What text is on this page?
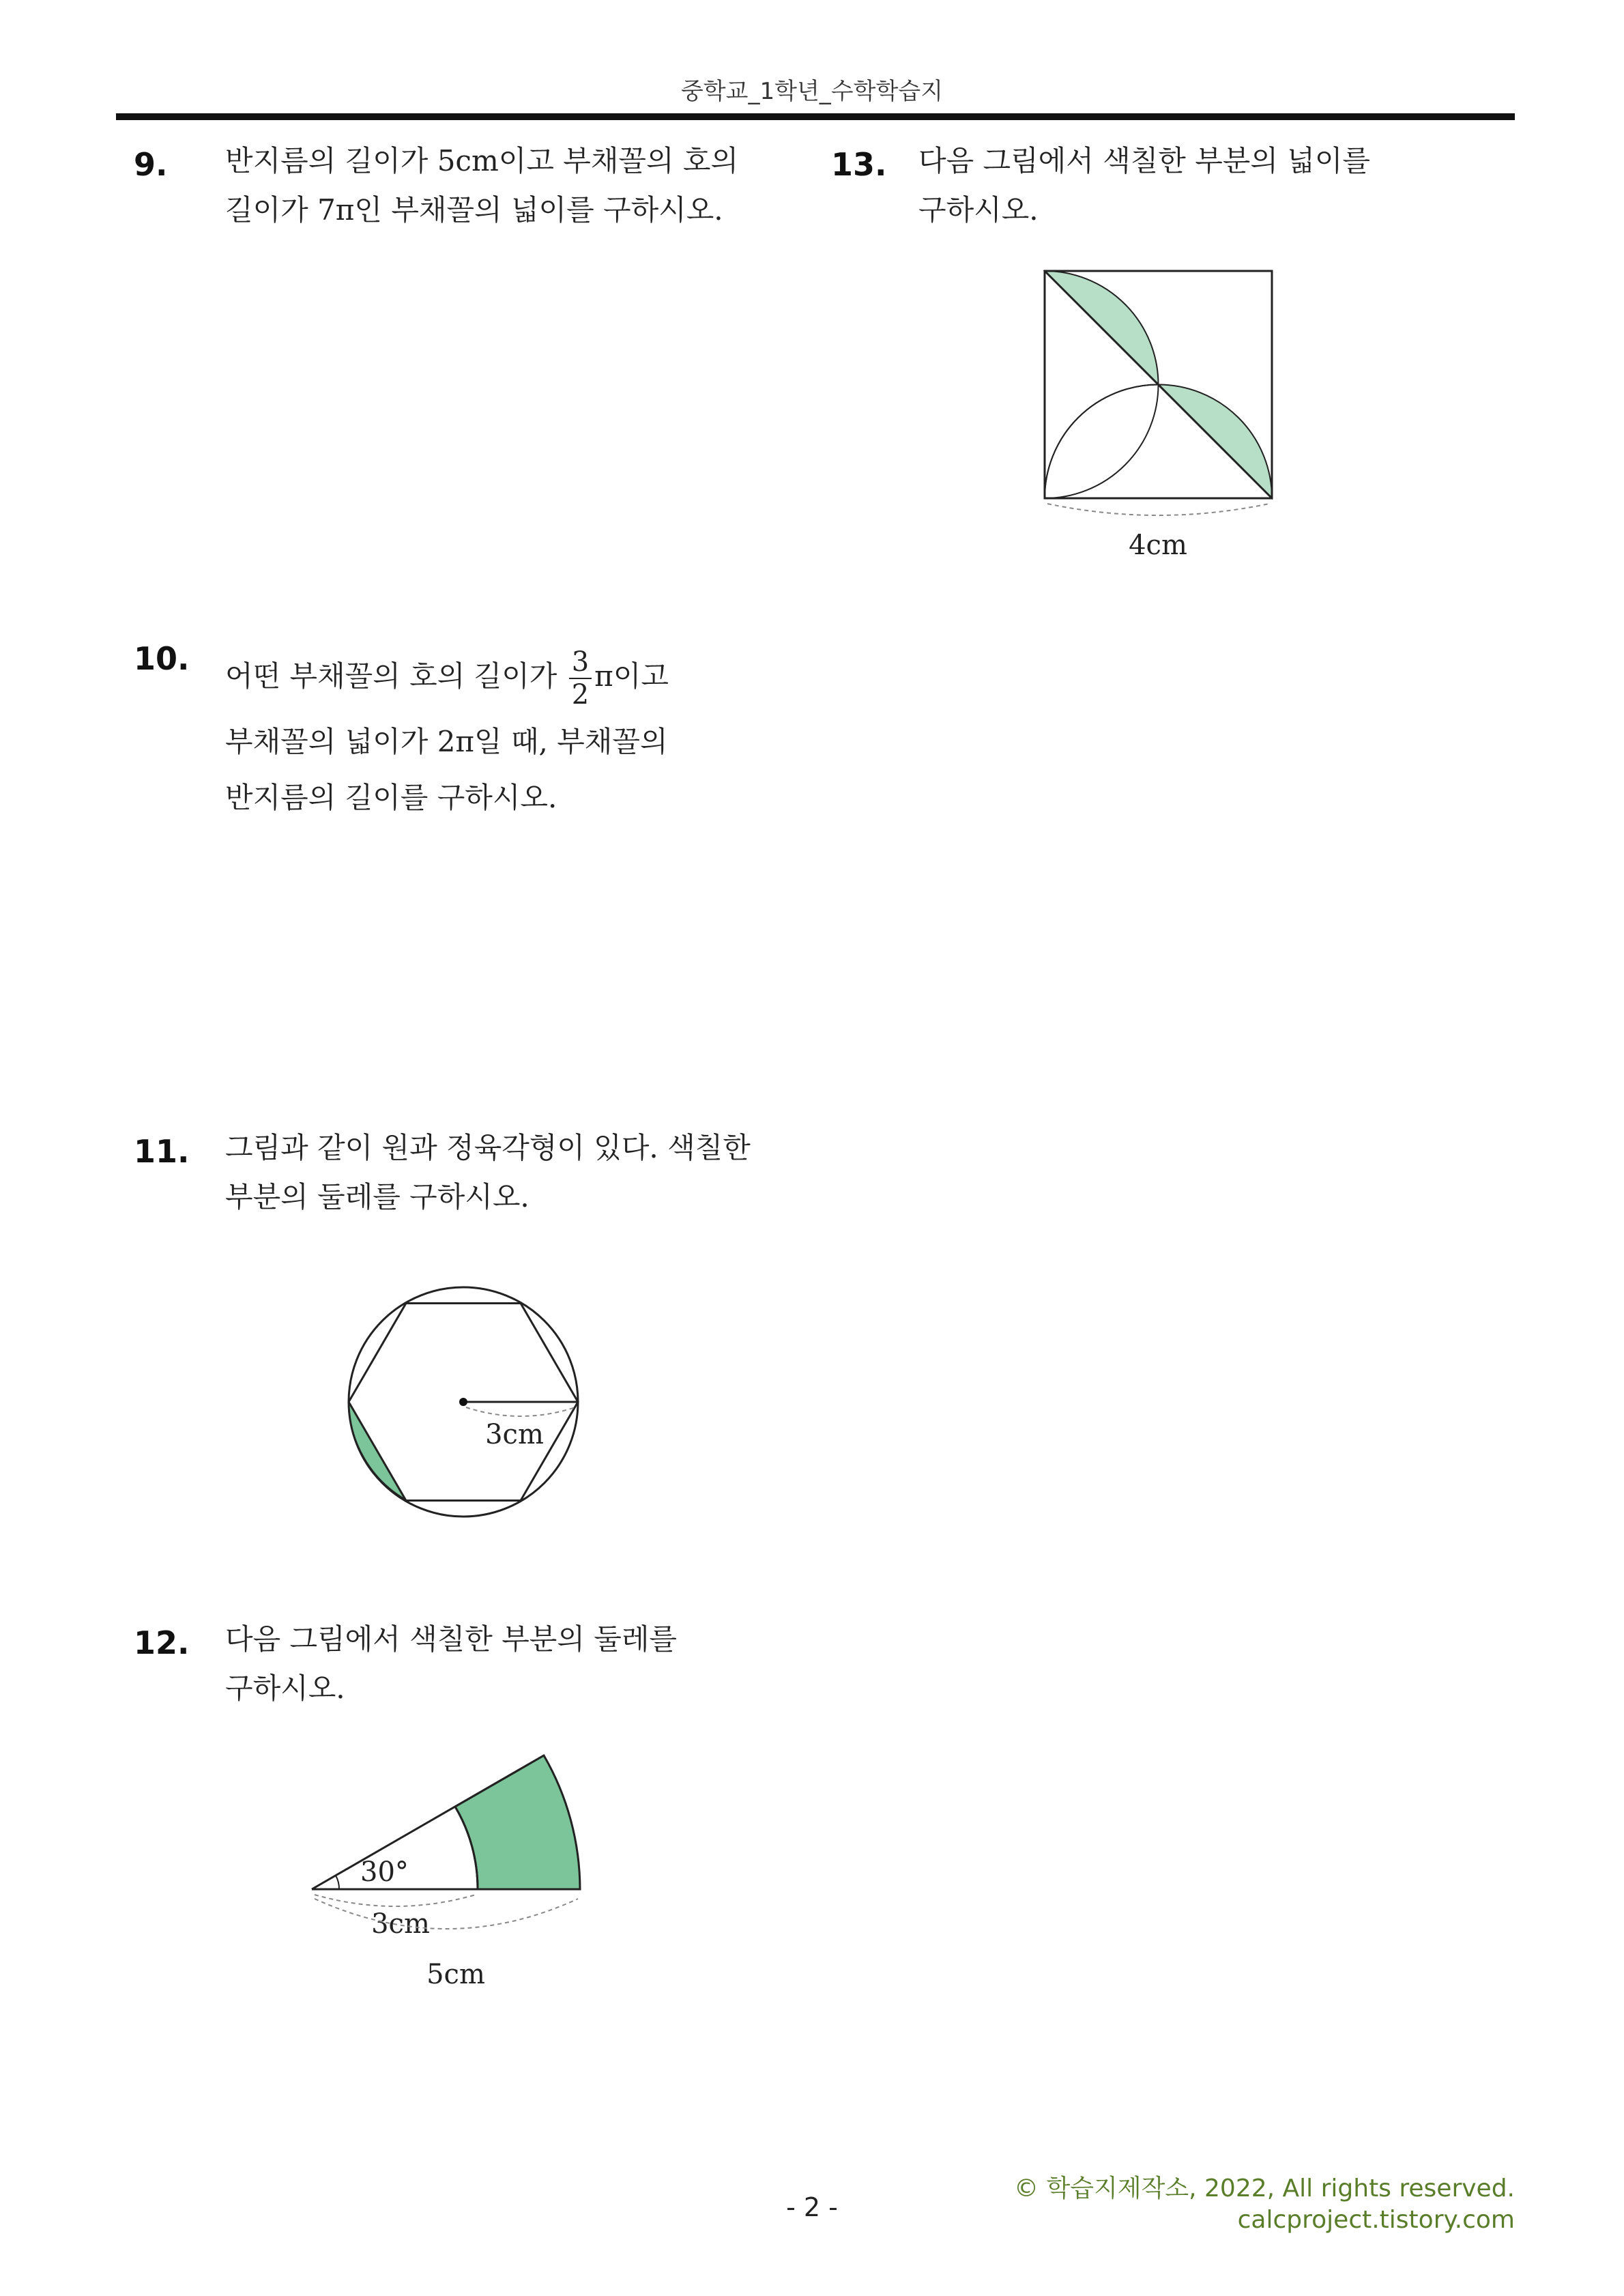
중학교_1학년_수학학습지
9. 반지름의 길이가 5cm이고 부채꼴의 호의

길이가 7π인 부채꼴의 넓이를 구하시오.

10. 어떤 부채꼴의 호의 길이가 $\frac{3}{2}$ π이고

부채꼴의 넓이가 2π일 때, 부채꼴의

반지름의 길이를 구하시오.

11. 그림과 같이 원과 정육각형이 있다. 색칠한

부분의 둘레를 구하시오.

3cm
12. 다음 그림에서 색칠한 부분의 둘레를

구하시오.

30°
3cm
5cm
13. 다음 그림에서 색칠한 부분의 넓이를

구하시오.

4cm
© 학습지제작소, 2022, All rights reserved.
calcproject.tistory.com
- 2 -
